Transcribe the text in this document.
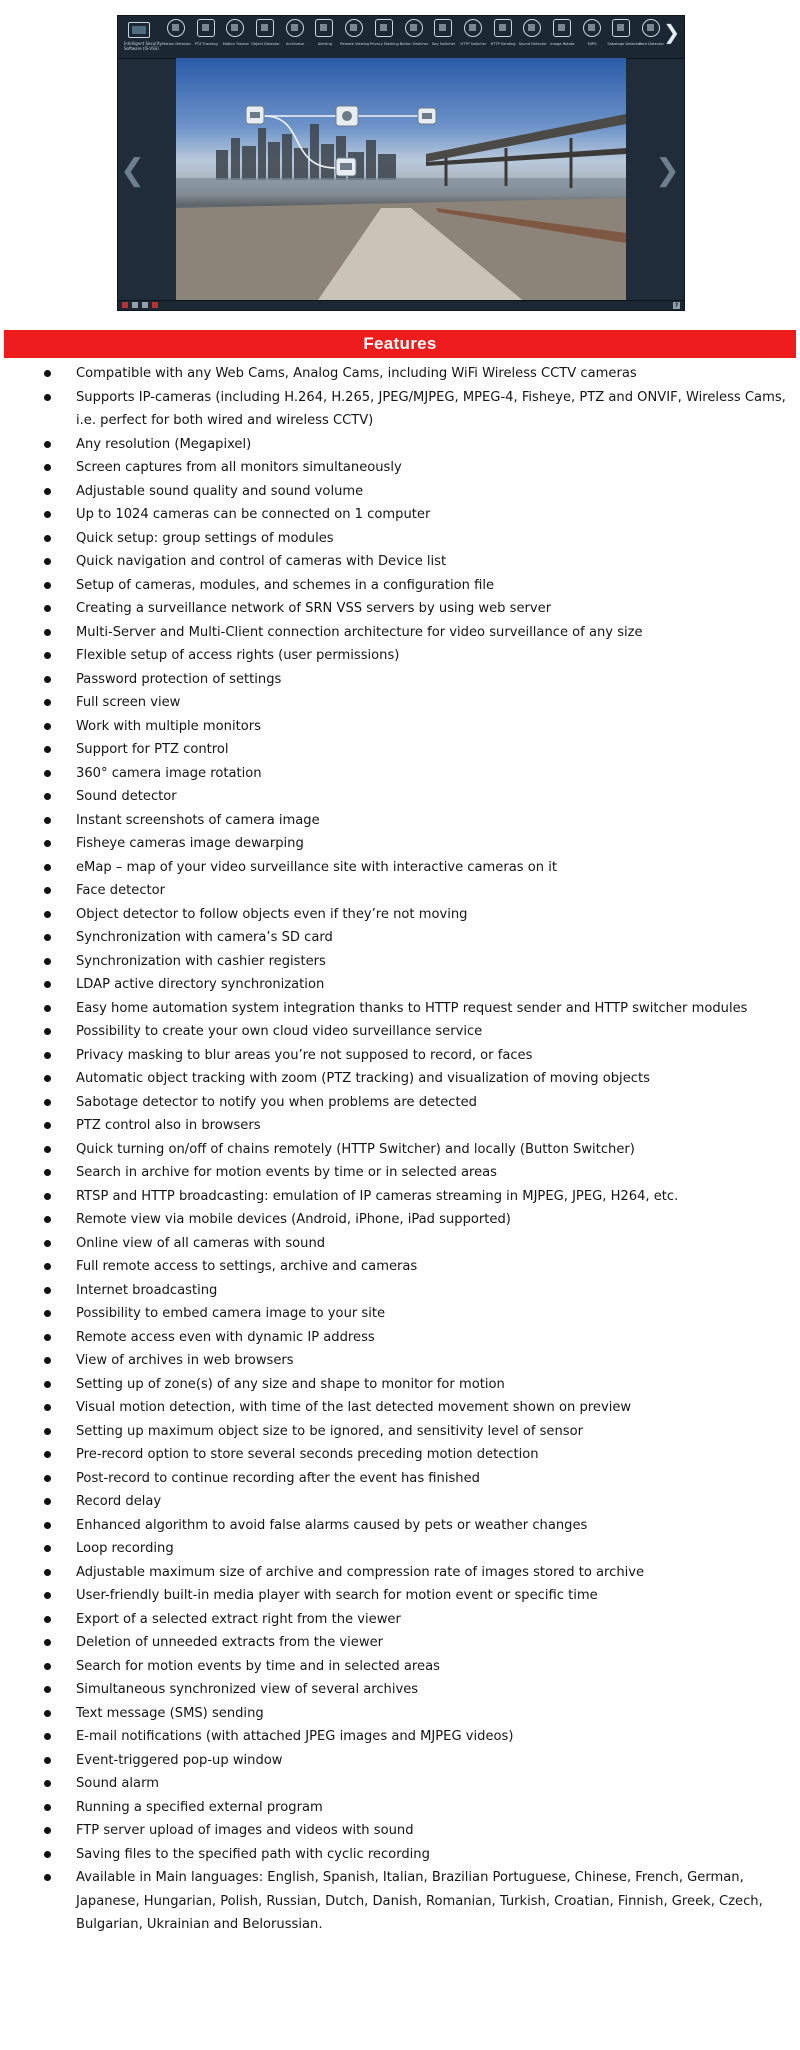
Intelligent Security
Software (IS-VSS)
Motion Detector	PTZ Tracking	Motion Tracker Object Detector	Archivator	Alerting	Remote Viewing Privacy Masking Button Switcher	Key Switcher	HTTP Switcher	HTTP Sending Sound Detector Image Rotate	MJPG	Sabotage Detector
Face Detector ❯
❮	❯
?
Features
Compatible with any Web Cams, Analog Cams, including WiFi Wireless CCTV cameras
Supports IP-cameras (including H.264, H.265, JPEG/MJPEG, MPEG-4, Fisheye, PTZ and ONVIF, Wireless Cams, i.e. perfect for both wired and wireless CCTV)
Any resolution (Megapixel)
Screen captures from all monitors simultaneously
Adjustable sound quality and sound volume
Up to 1024 cameras can be connected on 1 computer
Quick setup: group settings of modules
Quick navigation and control of cameras with Device list
Setup of cameras, modules, and schemes in a configuration file
Creating a surveillance network of SRN VSS servers by using web server
Multi-Server and Multi-Client connection architecture for video surveillance of any size
Flexible setup of access rights (user permissions)
Password protection of settings
Full screen view
Work with multiple monitors
Support for PTZ control
360° camera image rotation
Sound detector
Instant screenshots of camera image
Fisheye cameras image dewarping
eMap – map of your video surveillance site with interactive cameras on it
Face detector
Object detector to follow objects even if they’re not moving
Synchronization with camera’s SD card
Synchronization with cashier registers
LDAP active directory synchronization
Easy home automation system integration thanks to HTTP request sender and HTTP switcher modules
Possibility to create your own cloud video surveillance service
Privacy masking to blur areas you’re not supposed to record, or faces
Automatic object tracking with zoom (PTZ tracking) and visualization of moving objects
Sabotage detector to notify you when problems are detected
PTZ control also in browsers
Quick turning on/off of chains remotely (HTTP Switcher) and locally (Button Switcher)
Search in archive for motion events by time or in selected areas
RTSP and HTTP broadcasting: emulation of IP cameras streaming in MJPEG, JPEG, H264, etc.
Remote view via mobile devices (Android, iPhone, iPad supported)
Online view of all cameras with sound
Full remote access to settings, archive and cameras
Internet broadcasting
Possibility to embed camera image to your site
Remote access even with dynamic IP address
View of archives in web browsers
Setting up of zone(s) of any size and shape to monitor for motion
Visual motion detection, with time of the last detected movement shown on preview
Setting up maximum object size to be ignored, and sensitivity level of sensor
Pre-record option to store several seconds preceding motion detection
Post-record to continue recording after the event has finished
Record delay
Enhanced algorithm to avoid false alarms caused by pets or weather changes
Loop recording
Adjustable maximum size of archive and compression rate of images stored to archive
User-friendly built-in media player with search for motion event or specific time
Export of a selected extract right from the viewer
Deletion of unneeded extracts from the viewer
Search for motion events by time and in selected areas
Simultaneous synchronized view of several archives
Text message (SMS) sending
E-mail notifications (with attached JPEG images and MJPEG videos)
Event-triggered pop-up window
Sound alarm
Running a specified external program
FTP server upload of images and videos with sound
Saving files to the specified path with cyclic recording
Available in Main languages: English, Spanish, Italian, Brazilian Portuguese, Chinese, French, German, Japanese, Hungarian, Polish, Russian, Dutch, Danish, Romanian, Turkish, Croatian, Finnish, Greek, Czech, Bulgarian, Ukrainian and Belorussian.
